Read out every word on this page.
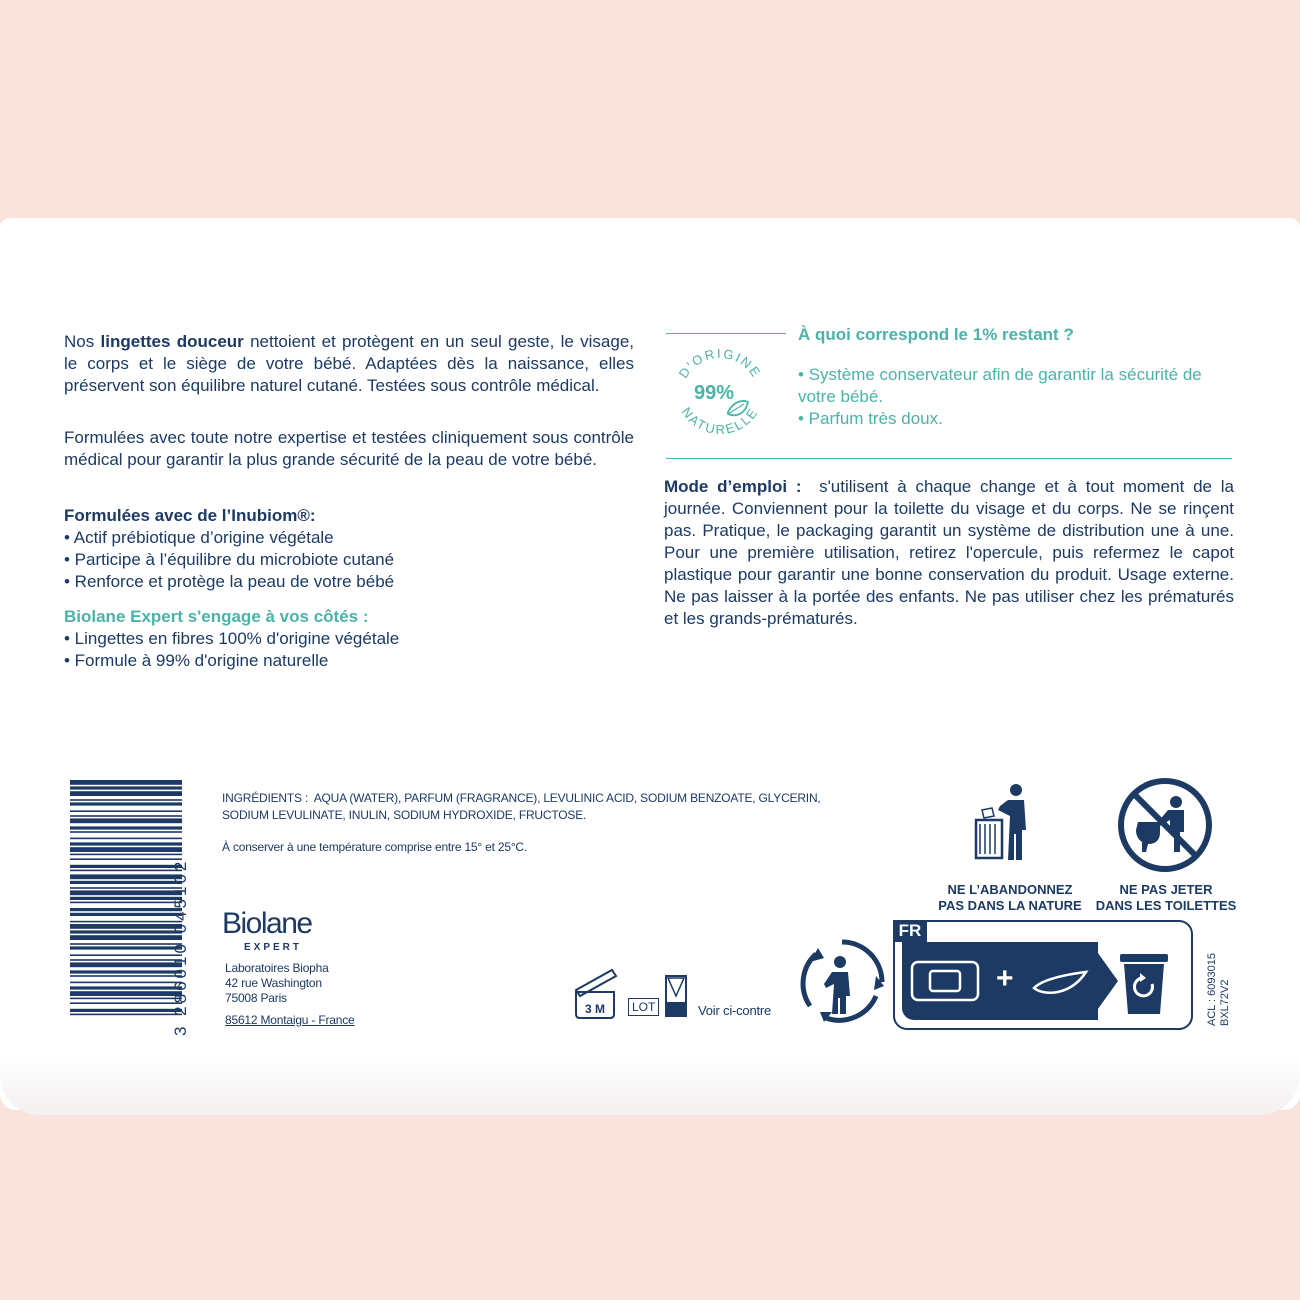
Nos lingettes douceur nettoient et protègent en un seul geste, le visage, le corps et le siège de votre bébé. Adaptées dès la naissance, elles préservent son équilibre naturel cutané. Testées sous contrôle médical.

Formulées avec toute notre expertise et testées cliniquement sous contrôle médical pour garantir la plus grande sécurité de la peau de votre bébé.

Formulées avec de l’Inubiom®:
• Actif prébiotique d’origine végétale
• Participe à l’équilibre du microbiote cutané
• Renforce et protège la peau de votre bébé
Biolane Expert s'engage à vos côtés :
• Lingettes en fibres 100% d'origine végétale
• Formule à 99% d'origine naturelle
À quoi correspond le 1% restant ?
D'ORIGINE
NATURELLE
99%
• Système conservateur afin de garantir la sécurité de votre bébé.
• Parfum très doux.

Mode d’emploi : s'utilisent à chaque change et à tout moment de la journée. Conviennent pour la toilette du visage et du corps. Ne se rinçent pas. Pratique, le packaging garantit un système de distribution une à une. Pour une première utilisation, retirez l'opercule, puis refermez le capot plastique pour garantir une bonne conservation du produit. Usage externe. Ne pas laisser à la portée des enfants. Ne pas utiliser chez les prématurés et les grands-prématurés.

3 286010 045102
INGRÉDIENTS : AQUA (WATER), PARFUM (FRAGRANCE), LEVULINIC ACID, SODIUM BENZOATE, GLYCERIN,
SODIUM LEVULINATE, INULIN, SODIUM HYDROXIDE, FRUCTOSE.
À conserver à une température comprise entre 15° et 25°C.
Biolane
EXPERT
Laboratoires Biopha
42 rue Washington
75008 Paris
85612 Montaigu - France
3 M	LOT	Voir ci-contre
NE L’ABANDONNEZ
PAS DANS LA NATURE
NE PAS JETER
DANS LES TOILETTES
FR
+	ACL : 6093015 BXL72V2
